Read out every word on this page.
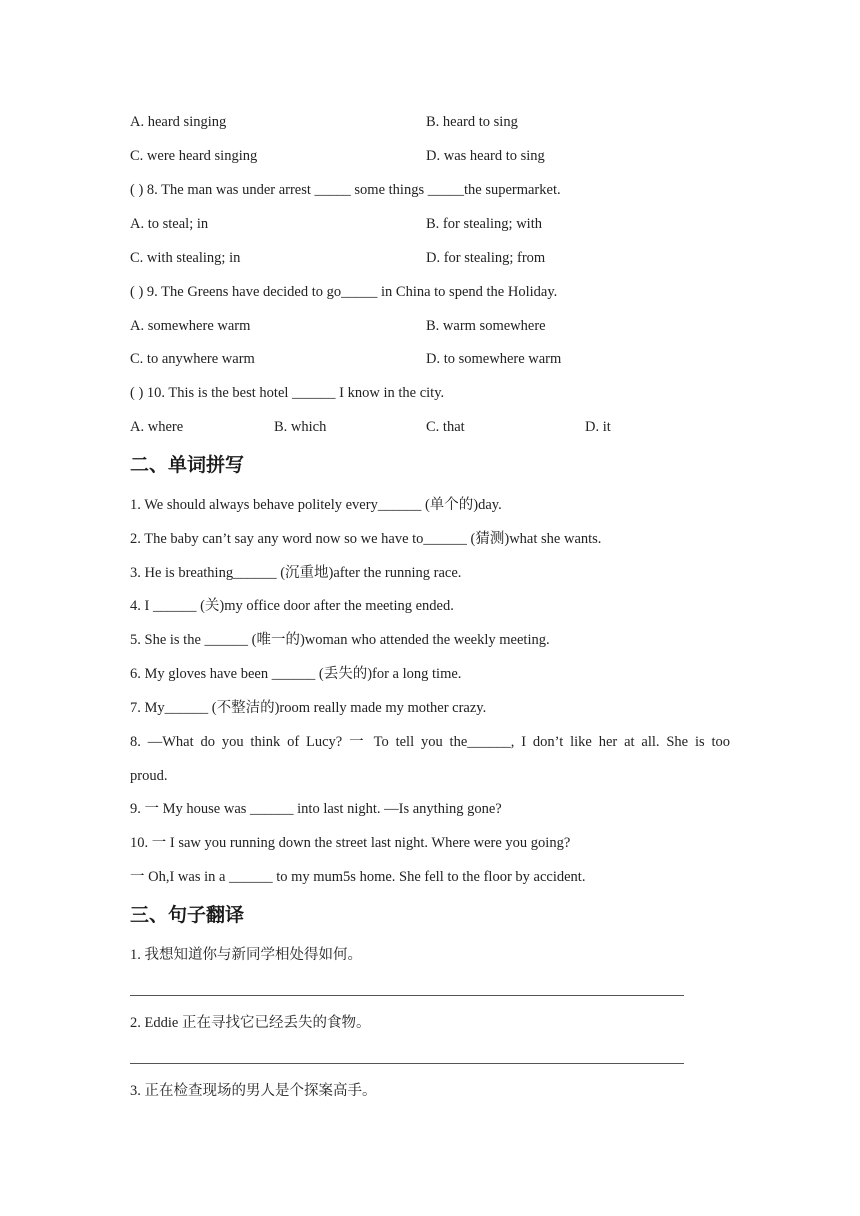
A. heard singing	B. heard to sing
C. were heard singing	D. was heard to sing
( ) 8. The man was under arrest _____ some things _____the supermarket.
A. to steal; in	B. for stealing; with
C. with stealing; in	D. for stealing; from
( ) 9. The Greens have decided to go_____ in China to spend the Holiday.
A. somewhere warm	B. warm somewhere
C. to anywhere warm	D. to somewhere warm
( ) 10. This is the best hotel ______ I know in the city.
A. where	B. which	C. that	D. it
二、单词拼写
1. We should always behave politely every______ (单个的)day.
2. The baby can’t say any word now so we have to______ (猜测)what she wants.
3. He is breathing______ (沉重地)after the running race.
4. I ______ (关)my office door after the meeting ended.
5. She is the ______ (唯一的)woman who attended the weekly meeting.
6. My gloves have been ______ (丢失的)for a long time.
7. My______ (不整洁的)room really made my mother crazy.
8. —What do you think of Lucy? 一 To tell you the______, I don’t like her at all. She is too
proud.
9. 一 My house was ______ into last night. —Is anything gone?
10. 一 I saw you running down the street last night. Where were you going?
一 Oh,I was in a ______ to my mum5s home. She fell to the floor by accident.
三、句子翻译
1. 我想知道你与新同学相处得如何。
2. Eddie 正在寻找它已经丢失的食物。
3. 正在检查现场的男人是个探案高手。
